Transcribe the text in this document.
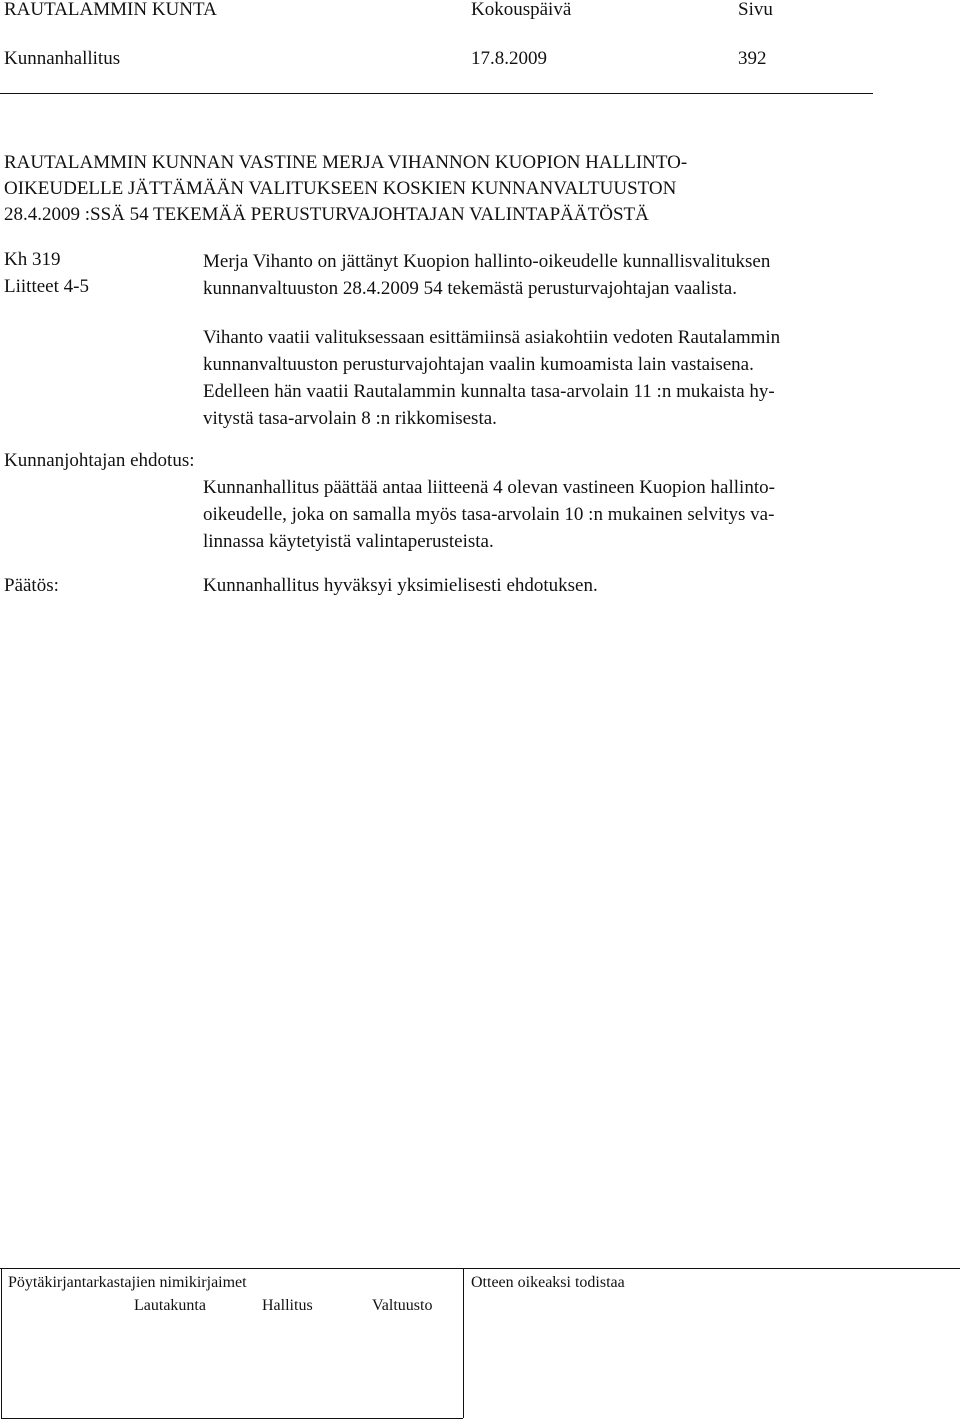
RAUTALAMMIN KUNTA	Kokouspäivä	Sivu
Kunnanhallitus	17.8.2009	392
RAUTALAMMIN KUNNAN VASTINE MERJA VIHANNON KUOPION HALLINTO-
OIKEUDELLE JÄTTÄMÄÄN VALITUKSEEN KOSKIEN KUNNANVALTUUSTON
28.4.2009 :SSÄ 54 TEKEMÄÄ PERUSTURVAJOHTAJAN VALINTAPÄÄTÖSTÄ
Kh 319
Liitteet 4-5
Merja Vihanto on jättänyt Kuopion hallinto-oikeudelle kunnallisvalituksen
kunnanvaltuuston 28.4.2009 54 tekemästä perusturvajohtajan vaalista.
Vihanto vaatii valituksessaan esittämiinsä asiakohtiin vedoten Rautalammin
kunnanvaltuuston perusturvajohtajan vaalin kumoamista lain vastaisena.
Edelleen hän vaatii Rautalammin kunnalta tasa-arvolain 11 :n mukaista hy-
vitystä tasa-arvolain 8 :n rikkomisesta.
Kunnanjohtajan ehdotus:
Kunnanhallitus päättää antaa liitteenä 4 olevan vastineen Kuopion hallinto-
oikeudelle, joka on samalla myös tasa-arvolain 10 :n mukainen selvitys va-
linnassa käytetyistä valintaperusteista.
Päätös:	Kunnanhallitus hyväksyi yksimielisesti ehdotuksen.
Pöytäkirjantarkastajien nimikirjaimet
Lautakunta	Hallitus	Valtuusto
Otteen oikeaksi todistaa
